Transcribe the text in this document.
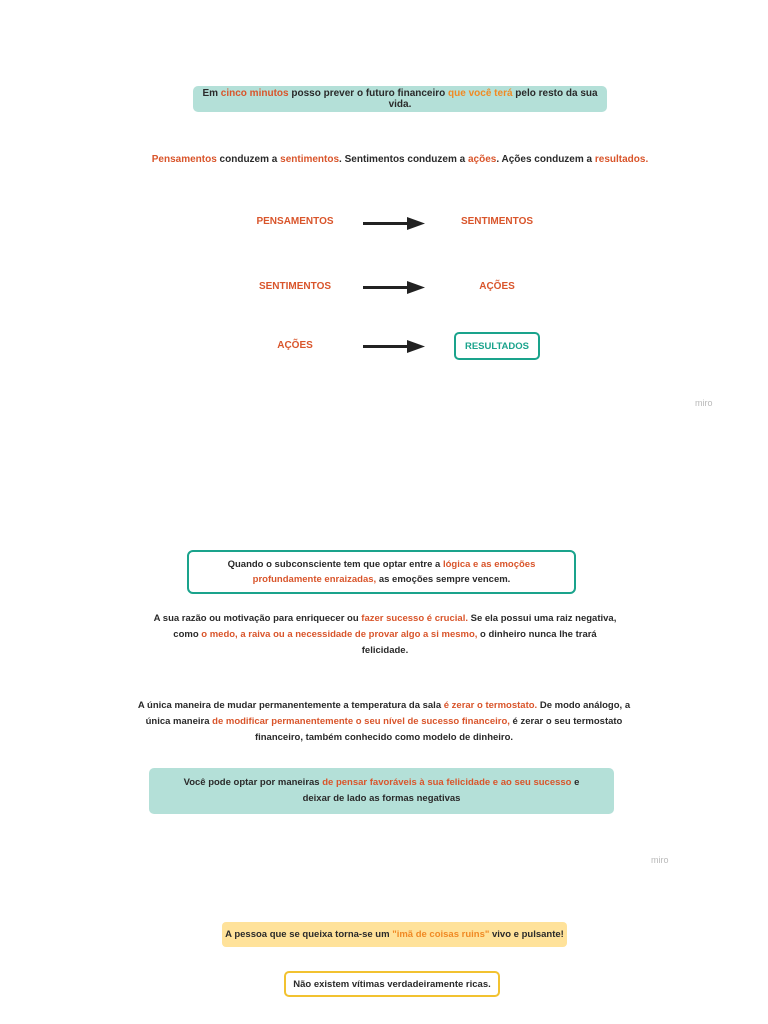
Em cinco minutos posso prever o futuro financeiro que você terá pelo resto da sua vida.
Pensamentos conduzem a sentimentos. Sentimentos conduzem a ações. Ações conduzem a resultados.
PENSAMENTOS	SENTIMENTOS
SENTIMENTOS	AÇÕES
AÇÕES	RESULTADOS
miro
Quando o subconsciente tem que optar entre a lógica e as emoções profundamente enraizadas, as emoções sempre vencem.
A sua razão ou motivação para enriquecer ou fazer sucesso é crucial. Se ela possui uma raiz negativa, como o medo, a raiva ou a necessidade de provar algo a si mesmo, o dinheiro nunca lhe trará felicidade.
A única maneira de mudar permanentemente a temperatura da sala é zerar o termostato. De modo análogo, a única maneira de modificar permanentemente o seu nível de sucesso financeiro, é zerar o seu termostato financeiro, também conhecido como modelo de dinheiro.
Você pode optar por maneiras de pensar favoráveis à sua felicidade e ao seu sucesso e deixar de lado as formas negativas
miro
A pessoa que se queixa torna-se um "imã de coisas ruins" vivo e pulsante!
Não existem vítimas verdadeiramente ricas.
